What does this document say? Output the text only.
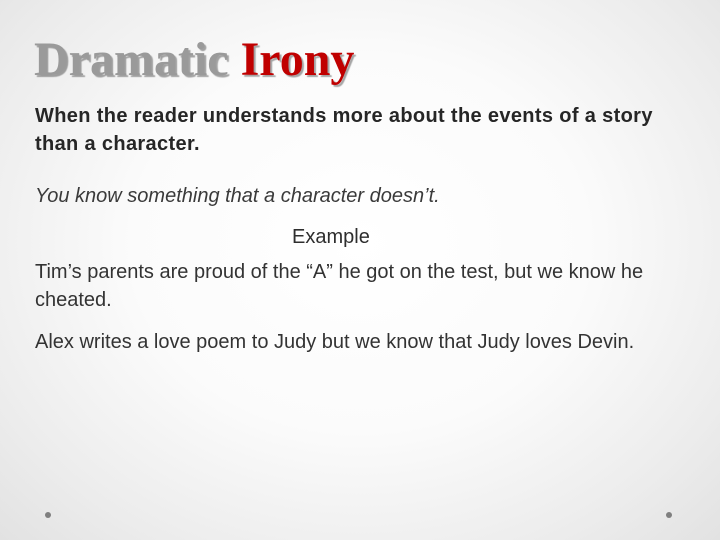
Dramatic Irony

When the reader understands more about the events of a story than a character.

You know something that a character doesn’t.

Example

Tim’s parents are proud of the “A” he got on the test, but we know he cheated.

Alex writes a love poem to Judy but we know that Judy loves Devin.
